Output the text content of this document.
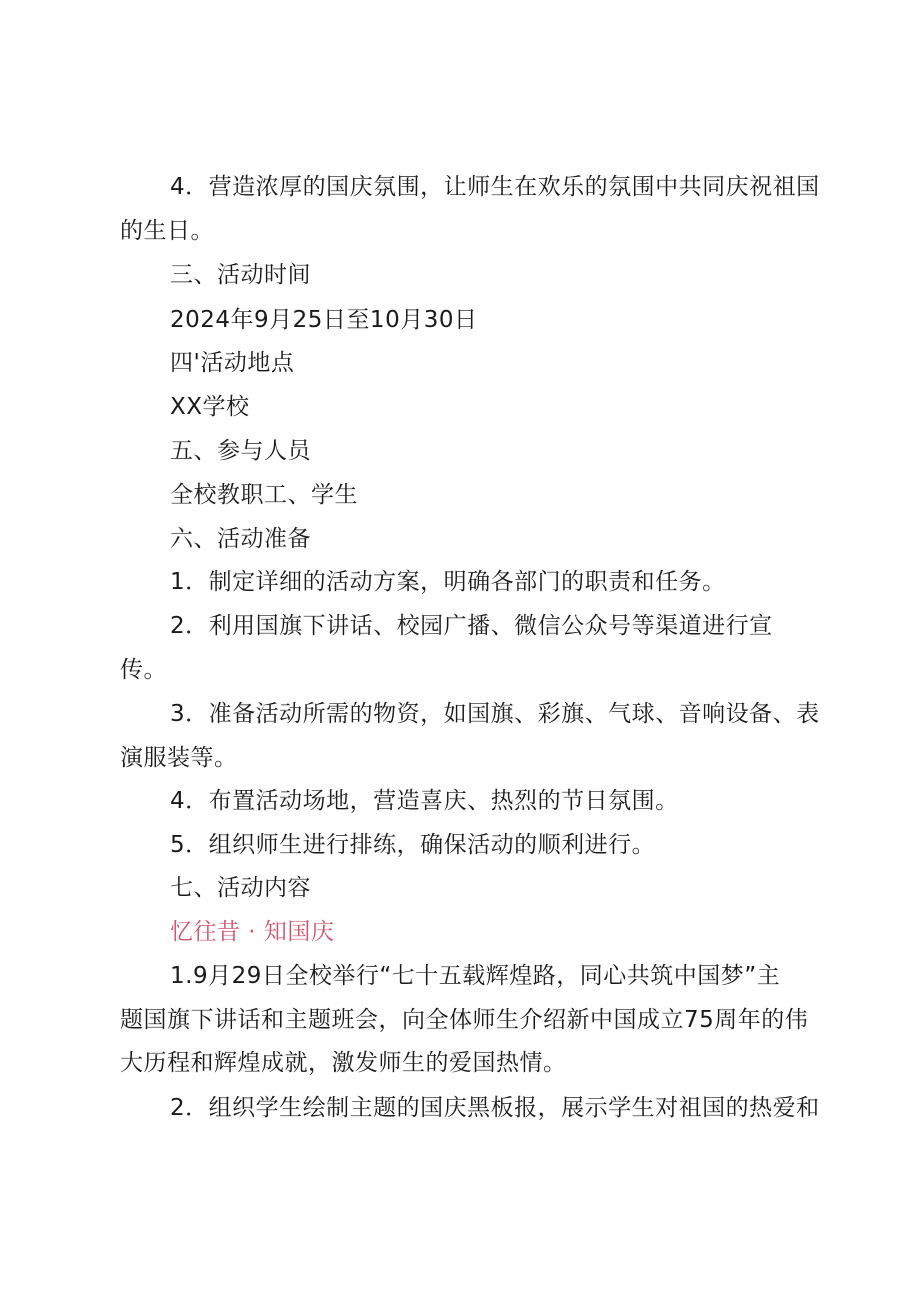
4．营造浓厚的国庆氛围，让师生在欢乐的氛围中共同庆祝祖国
的生日。
三、活动时间
2024年9月25日至10月30日
四'活动地点
XX学校
五、参与人员
全校教职工、学生
六、活动准备
1．制定详细的活动方案，明确各部门的职责和任务。
2．利用国旗下讲话、校园广播、微信公众号等渠道进行宣
传。
3．准备活动所需的物资，如国旗、彩旗、气球、音响设备、表
演服装等。
4．布置活动场地，营造喜庆、热烈的节日氛围。
5．组织师生进行排练，确保活动的顺利进行。
七、活动内容
忆往昔 · 知国庆
1.9月29日全校举行“七十五载辉煌路，同心共筑中国梦”主
题国旗下讲话和主题班会，向全体师生介绍新中国成立75周年的伟
大历程和辉煌成就，激发师生的爱国热情。
2．组织学生绘制主题的国庆黑板报，展示学生对祖国的热爱和
